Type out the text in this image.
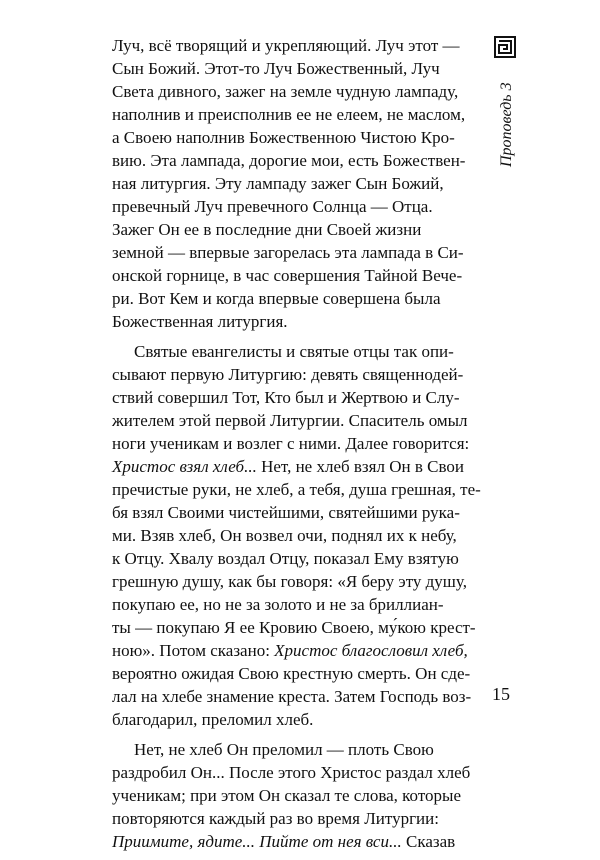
Луч, всё творящий и укрепляющий. Луч этот —
Сын Божий. Этот-то Луч Божественный, Луч
Света дивного, зажег на земле чудную лампаду,
наполнив и преисполнив ее не елеем, не маслом,
а Своею наполнив Божественною Чистою Кро-
вию. Эта лампада, дорогие мои, есть Божествен-
ная литургия. Эту лампаду зажег Сын Божий,
превечный Луч превечного Солнца — Отца.
Зажег Он ее в последние дни Своей жизни
земной — впервые загорелась эта лампада в Си-
онской горнице, в час совершения Тайной Вече-
ри. Вот Кем и когда впервые совершена была
Божественная литургия.
Святые евангелисты и святые отцы так опи-
сывают первую Литургию: девять священнодей-
ствий совершил Тот, Кто был и Жертвою и Слу-
жителем этой первой Литургии. Спаситель омыл
ноги ученикам и возлег с ними. Далее говорится:
Христос взял хлеб... Нет, не хлеб взял Он в Свои
пречистые руки, не хлеб, а тебя, душа грешная, те-
бя взял Своими чистейшими, святейшими рука-
ми. Взяв хлеб, Он возвел очи, поднял их к небу,
к Отцу. Хвалу воздал Отцу, показал Ему взятую
грешную душу, как бы говоря: «Я беру эту душу,
покупаю ее, но не за золото и не за бриллиан-
ты — покупаю Я ее Кровию Своею, му́кою крест-
ною». Потом сказано: Христос благословил хлеб,
вероятно ожидая Свою крестную смерть. Он сде-
лал на хлебе знамение креста. Затем Господь воз-
благодарил, преломил хлеб.
Нет, не хлеб Он преломил — плоть Свою
раздробил Он... После этого Христос раздал хлеб
ученикам; при этом Он сказал те слова, которые
повторяются каждый раз во время Литургии:
Приимите, ядите... Пийте от нея вси... Сказав
Проповедь 3
15
